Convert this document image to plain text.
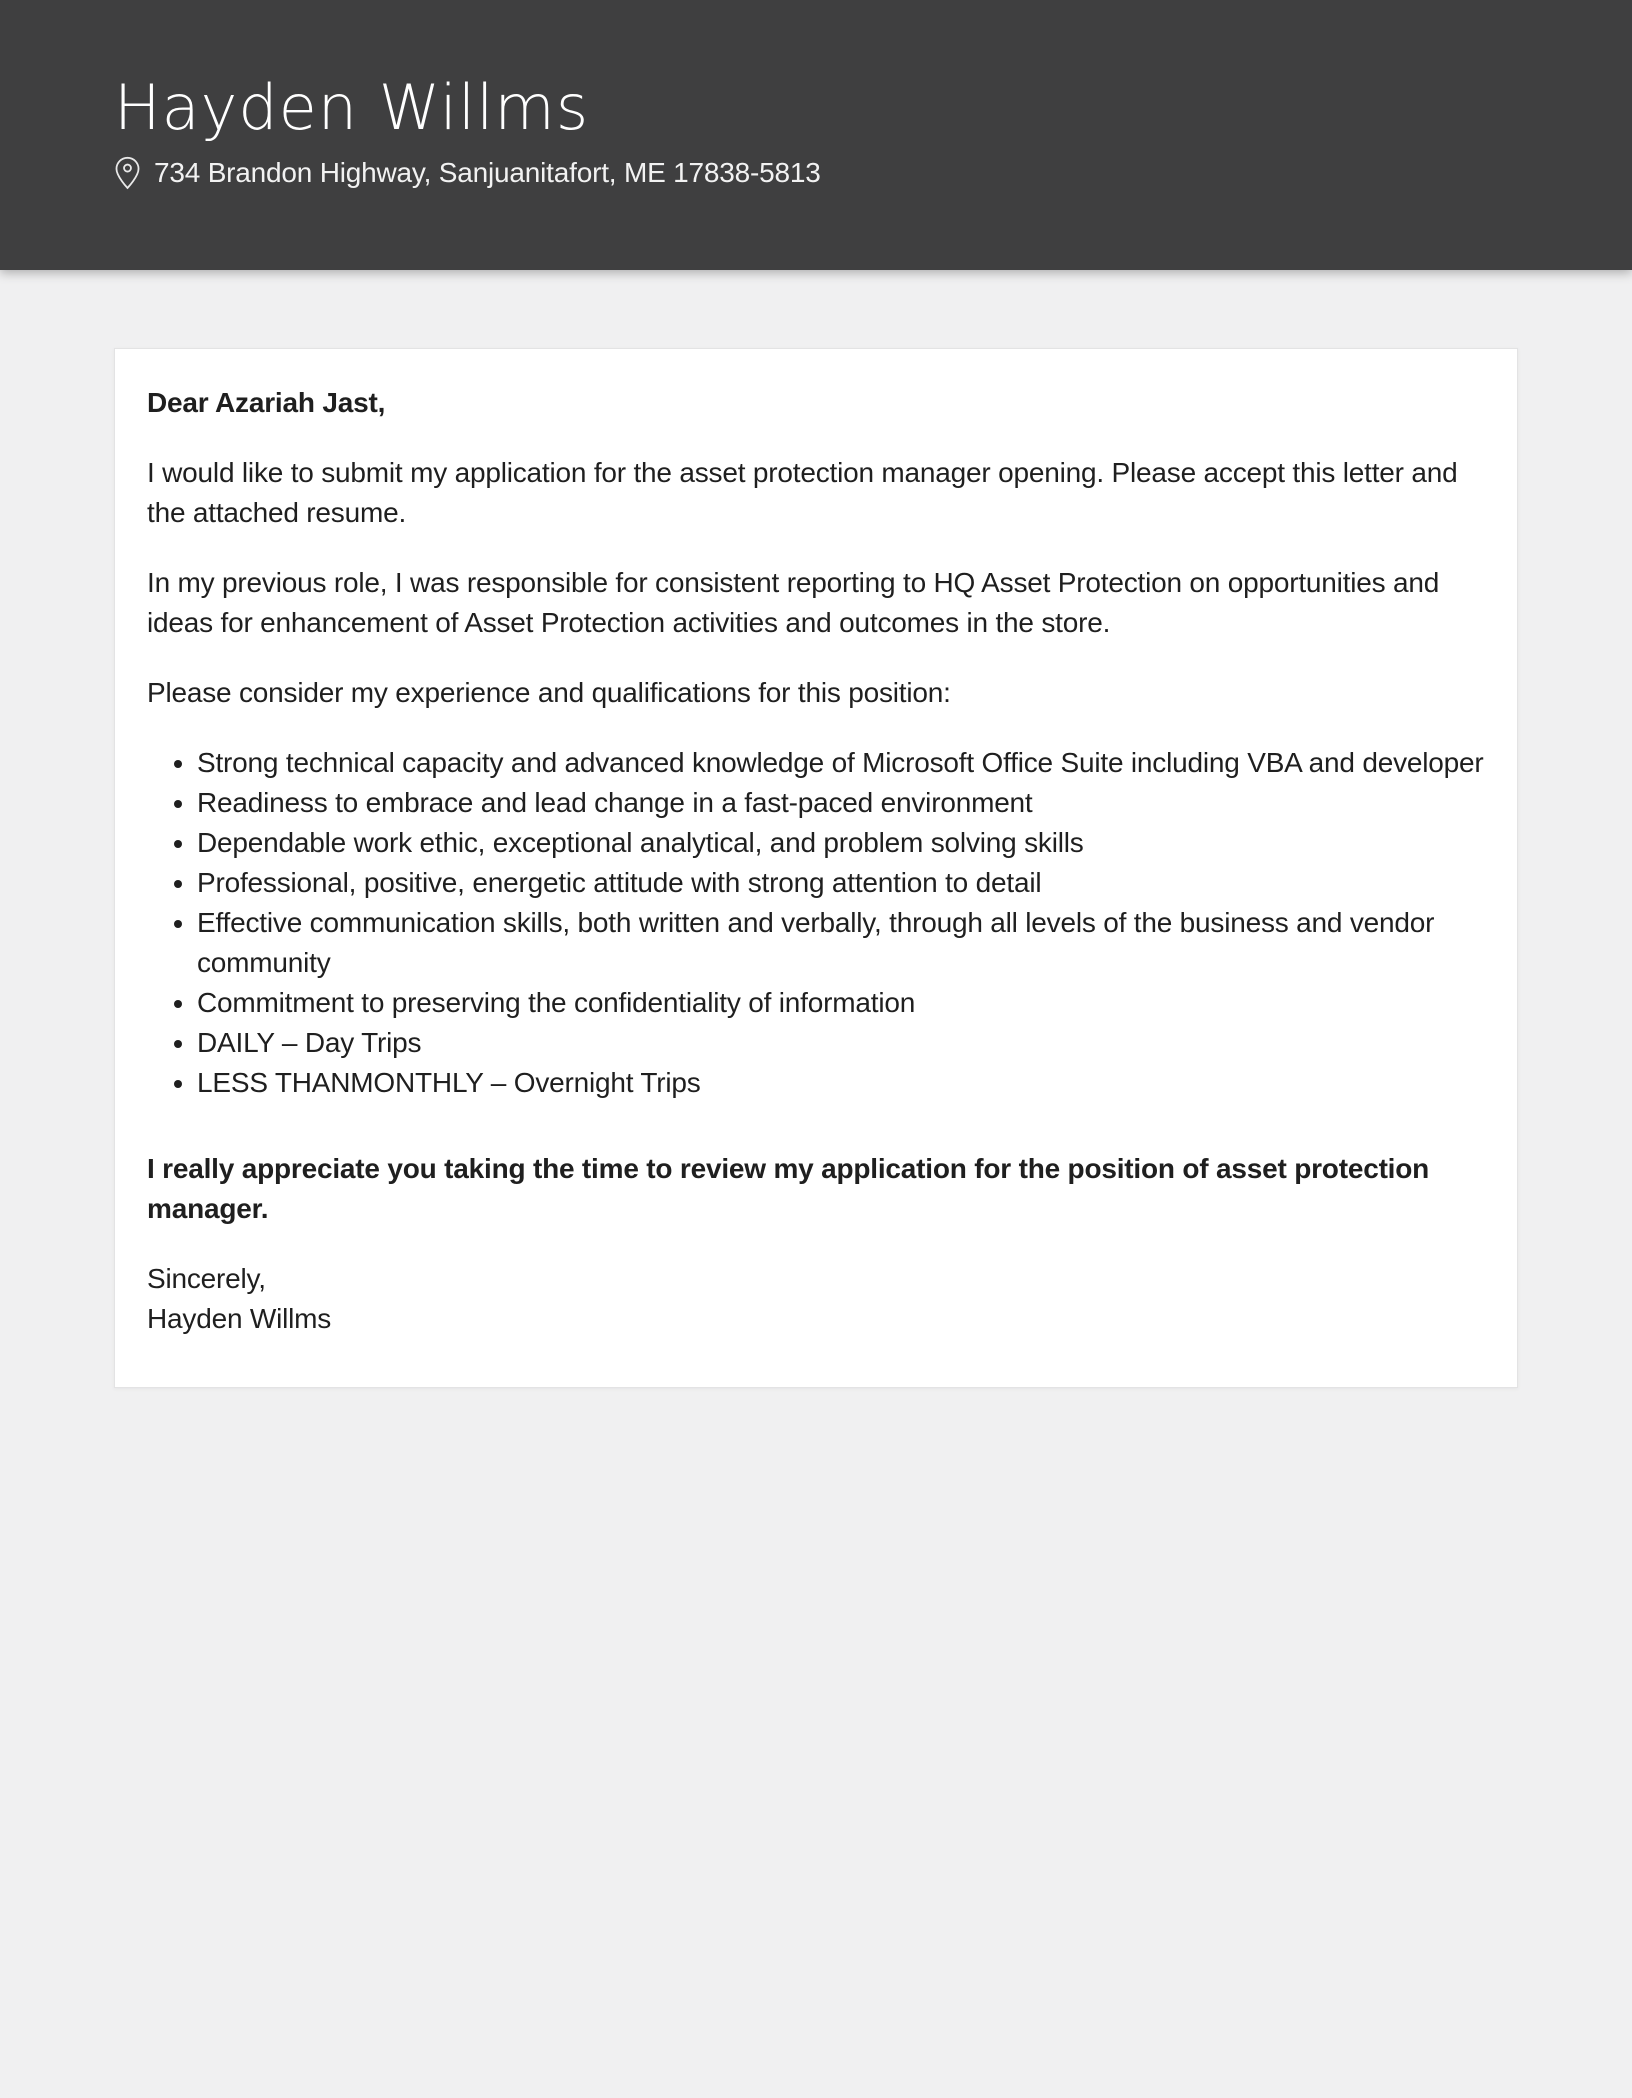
Hayden Willms
734 Brandon Highway, Sanjuanitafort, ME 17838-5813

Dear Azariah Jast,

I would like to submit my application for the asset protection manager opening. Please accept this letter and the attached resume.

In my previous role, I was responsible for consistent reporting to HQ Asset Protection on opportunities and ideas for enhancement of Asset Protection activities and outcomes in the store.

Please consider my experience and qualifications for this position:

• Strong technical capacity and advanced knowledge of Microsoft Office Suite including VBA and developer
• Readiness to embrace and lead change in a fast-paced environment
• Dependable work ethic, exceptional analytical, and problem solving skills
• Professional, positive, energetic attitude with strong attention to detail
• Effective communication skills, both written and verbally, through all levels of the business and vendor community
• Commitment to preserving the confidentiality of information
• DAILY – Day Trips
• LESS THANMONTHLY – Overnight Trips

I really appreciate you taking the time to review my application for the position of asset protection manager.

Sincerely,
Hayden Willms
